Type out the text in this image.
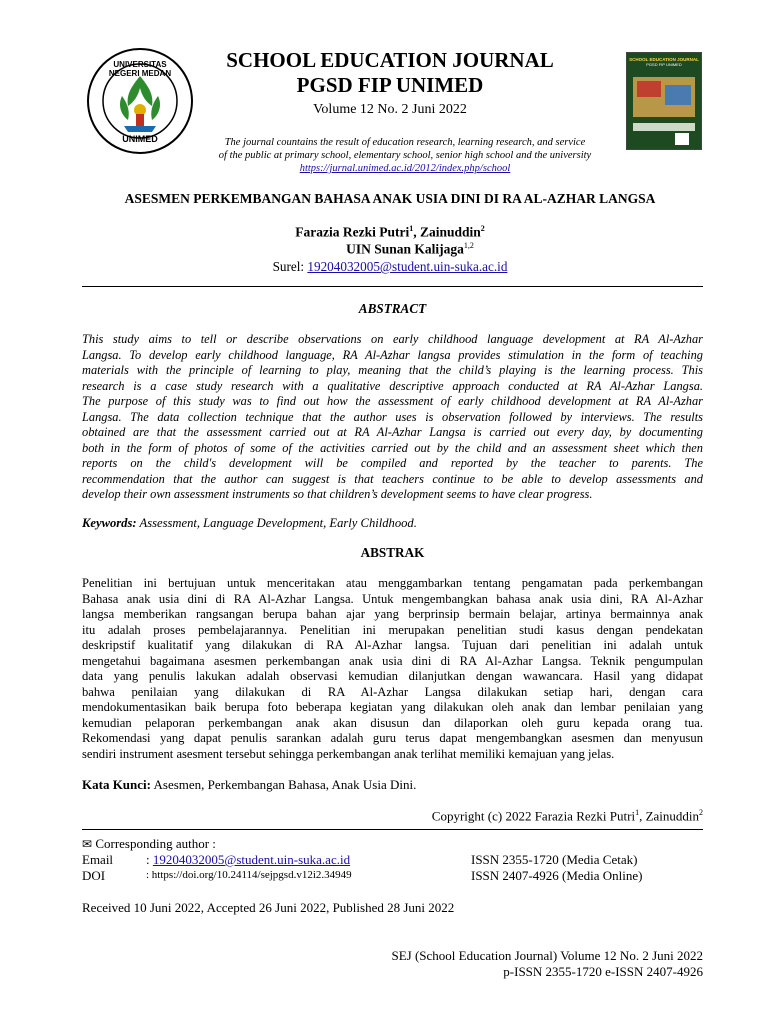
UNIVERSITAS NEGERI MEDAN
UNIMED
SCHOOL EDUCATION JOURNAL
PGSD FIP UNIMED
Volume 12 No. 2 Juni 2022
The journal countains the result of education research, learning research, and service
of the public at primary school, elementary school, senior high school and the university
https://jurnal.unimed.ac.id/2012/index.php/school
SCHOOL EDUCATION JOURNAL
PGSD FIP UNIMED
ASESMEN PERKEMBANGAN BAHASA ANAK USIA DINI DI RA AL-AZHAR LANGSA
Farazia Rezki Putri$^1$, Zainuddin$^2$
UIN Sunan Kalijaga$^{1,2}$
Surel: 19204032005@student.uin-suka.ac.id
ABSTRACT
This study aims to tell or describe observations on early childhood language development at RA Al-Azhar
Langsa. To develop early childhood language, RA Al-Azhar langsa provides stimulation in the form of teaching
materials with the principle of learning to play, meaning that the child’s playing is the learning process. This
research is a case study research with a qualitative descriptive approach conducted at RA Al-Azhar Langsa.
The purpose of this study was to find out how the assessment of early childhood development at RA Al-Azhar
Langsa. The data collection technique that the author uses is observation followed by interviews. The results
obtained are that the assessment carried out at RA Al-Azhar Langsa is carried out every day, by documenting
both in the form of photos of some of the activities carried out by the child and an assessment sheet which then
reports on the child's development will be compiled and reported by the teacher to parents. The
recommendation that the author can suggest is that teachers continue to be able to develop assessments and
develop their own assessment instruments so that children’s development seems to have clear progress.
Keywords: Assessment, Language Development, Early Childhood.
ABSTRAK
Penelitian ini bertujuan untuk menceritakan atau menggambarkan tentang pengamatan pada perkembangan
Bahasa anak usia dini di RA Al-Azhar Langsa. Untuk mengembangkan bahasa anak usia dini, RA Al-Azhar
langsa memberikan rangsangan berupa bahan ajar yang berprinsip bermain belajar, artinya bermainnya anak
itu adalah proses pembelajarannya. Penelitian ini merupakan penelitian studi kasus dengan pendekatan
deskripstif kualitatif yang dilakukan di RA Al-Azhar langsa. Tujuan dari penelitian ini adalah untuk
mengetahui bagaimana asesmen perkembangan anak usia dini di RA Al-Azhar Langsa. Teknik pengumpulan
data yang penulis lakukan adalah observasi kemudian dilanjutkan dengan wawancara. Hasil yang didapat
bahwa penilaian yang dilakukan di RA Al-Azhar Langsa dilakukan setiap hari, dengan cara
mendokumentasikan baik berupa foto beberapa kegiatan yang dilakukan oleh anak dan lembar penilaian yang
kemudian pelaporan perkembangan anak akan disusun dan dilaporkan oleh guru kepada orang tua.
Rekomendasi yang dapat penulis sarankan adalah guru terus dapat mengembangkan asesmen dan menyusun
sendiri instrument asesment tersebut sehingga perkembangan anak terlihat memiliki kemajuan yang jelas.
Kata Kunci: Asesmen, Perkembangan Bahasa, Anak Usia Dini.
Copyright (c) 2022 Farazia Rezki Putri$^1$, Zainuddin$^2$
✉ Corresponding author :
Email	: 19204032005@student.uin-suka.ac.id
DOI	: https://doi.org/10.24114/sejpgsd.v12i2.34949
ISSN 2355-1720 (Media Cetak)
ISSN 2407-4926 (Media Online)
Received 10 Juni 2022, Accepted 26 Juni 2022, Published 28 Juni 2022
SEJ (School Education Journal) Volume 12 No. 2 Juni 2022
p-ISSN 2355-1720 e-ISSN 2407-4926
